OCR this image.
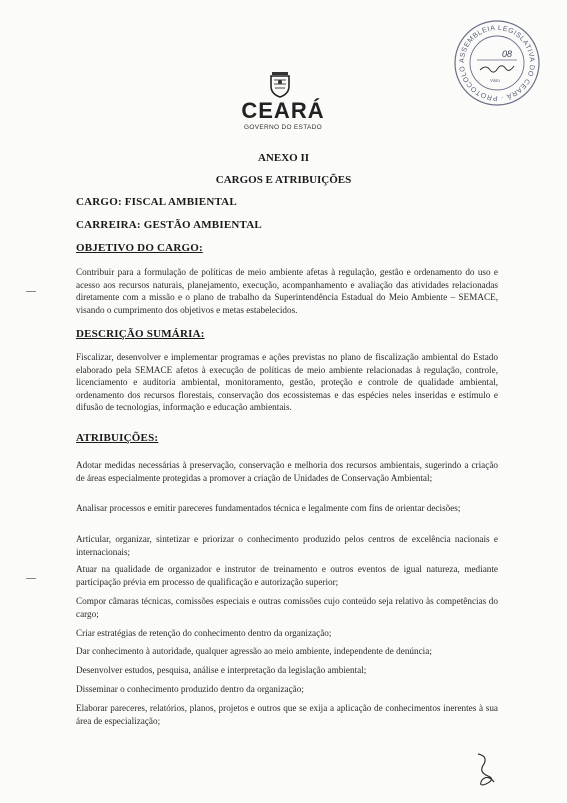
CEARÁ
GOVERNO DO ESTADO
ASSEMBLEIA LEGISLATIVA DO CEARÁ · PROTOCOLO
08
Visto
ANEXO II
CARGOS E ATRIBUIÇÕES
CARGO: FISCAL AMBIENTAL
CARREIRA: GESTÃO AMBIENTAL
OBJETIVO DO CARGO:
Contribuir para a formulação de políticas de meio ambiente afetas à regulação, gestão e ordenamento do uso e acesso aos recursos naturais, planejamento, execução, acompanhamento e avaliação das atividades relacionadas diretamente com a missão e o plano de trabalho da Superintendência Estadual do Meio Ambiente – SEMACE, visando o cumprimento dos objetivos e metas estabelecidos.
DESCRIÇÃO SUMÁRIA:
Fiscalizar, desenvolver e implementar programas e ações previstas no plano de fiscalização ambiental do Estado elaborado pela SEMACE afetos à execução de políticas de meio ambiente relacionadas à regulação, controle, licenciamento e auditoria ambiental, monitoramento, gestão, proteção e controle de qualidade ambiental, ordenamento dos recursos florestais, conservação dos ecossistemas e das espécies neles inseridas e estímulo e difusão de tecnologias, informação e educação ambientais.
ATRIBUIÇÕES:
Adotar medidas necessárias à preservação, conservação e melhoria dos recursos ambientais, sugerindo a criação de áreas especialmente protegidas a promover a criação de Unidades de Conservação Ambiental;
Analisar processos e emitir pareceres fundamentados técnica e legalmente com fins de orientar decisões;
Articular, organizar, sintetizar e priorizar o conhecimento produzido pelos centros de excelência nacionais e internacionais;
Atuar na qualidade de organizador e instrutor de treinamento e outros eventos de igual natureza, mediante participação prévia em processo de qualificação e autorização superior;
Compor câmaras técnicas, comissões especiais e outras comissões cujo conteúdo seja relativo às competências do cargo;
Criar estratégias de retenção do conhecimento dentro da organização;
Dar conhecimento à autoridade, qualquer agressão ao meio ambiente, independente de denúncia;
Desenvolver estudos, pesquisa, análise e interpretação da legislação ambiental;
Disseminar o conhecimento produzido dentro da organização;
Elaborar pareceres, relatórios, planos, projetos e outros que se exija a aplicação de conhecimentos inerentes à sua área de especialização;
